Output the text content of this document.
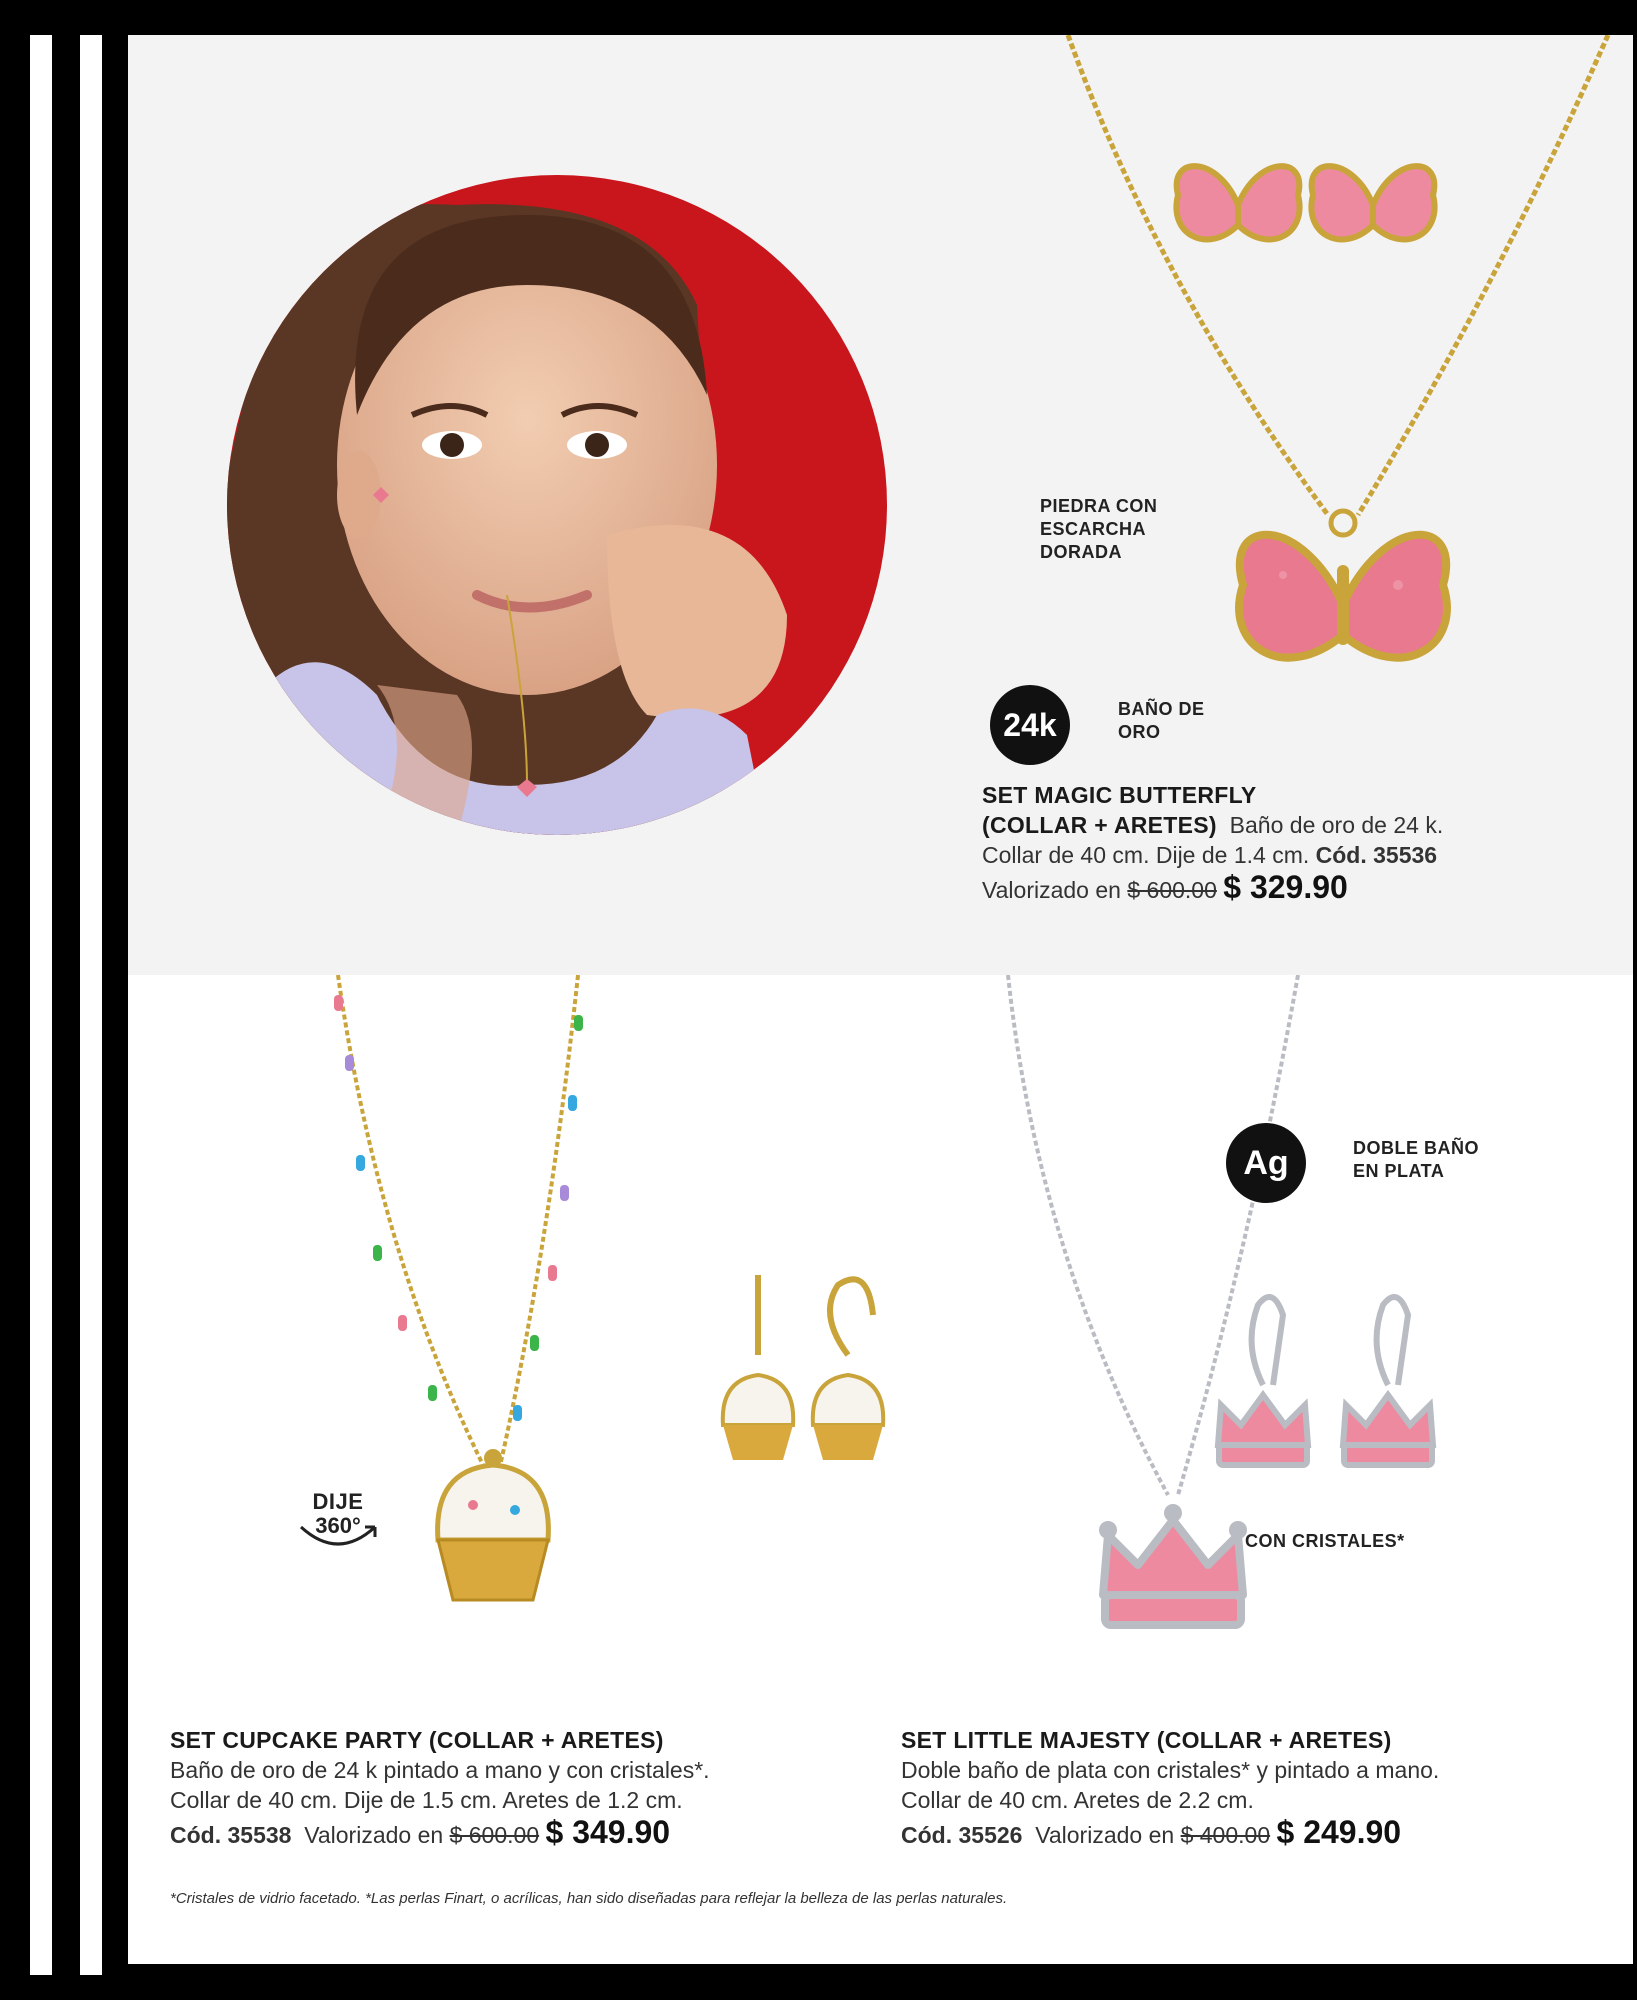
PIEDRA CON ESCARCHA DORADA
24k	BAÑO DE ORO
SET MAGIC BUTTERFLY
(COLLAR + ARETES) Baño de oro de 24 k.
Collar de 40 cm. Dije de 1.4 cm. Cód. 35536
Valorizado en $ 600.00 $ 329.90
DIJE
360°
SET CUPCAKE PARTY (COLLAR + ARETES)
Baño de oro de 24 k pintado a mano y con cristales*.
Collar de 40 cm. Dije de 1.5 cm. Aretes de 1.2 cm.
Cód. 35538 Valorizado en $ 600.00 $ 349.90
Ag	DOBLE BAÑO EN PLATA
CON CRISTALES*
SET LITTLE MAJESTY (COLLAR + ARETES)
Doble baño de plata con cristales* y pintado a mano.
Collar de 40 cm. Aretes de 2.2 cm.
Cód. 35526 Valorizado en $ 400.00 $ 249.90
*Cristales de vidrio facetado. *Las perlas Finart, o acrílicas, han sido diseñadas para reflejar la belleza de las perlas naturales.
